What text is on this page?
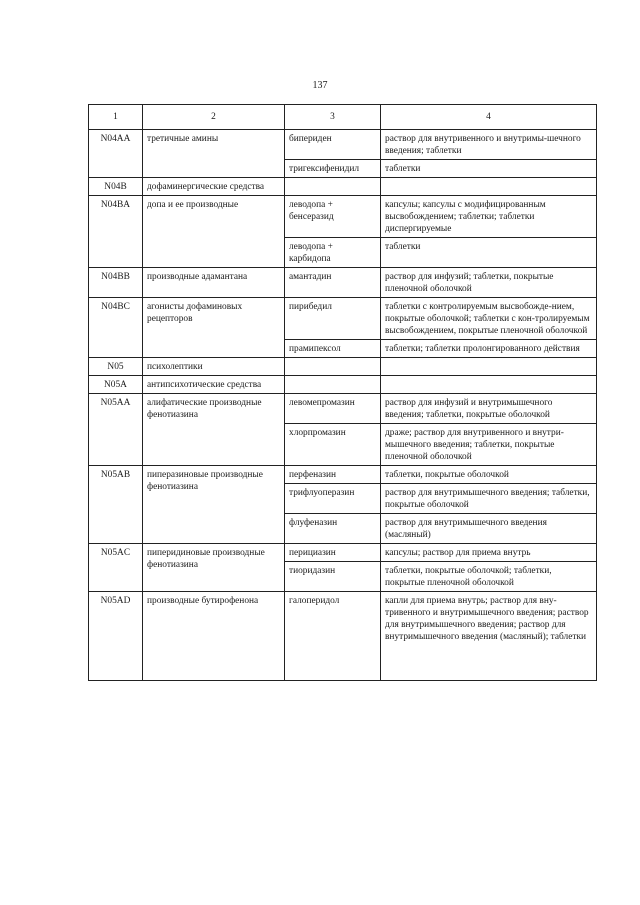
137
1	2	3	4
N04AA	третичные амины	бипериден	раствор для внутривенного и внутримы-шечного введения; таблетки
		тригексифенидил	таблетки
N04B	дофаминергические средства		
N04BA	допа и ее производные	леводопа + бенсеразид	капсулы; капсулы с модифицированным высвобождением; таблетки; таблетки диспергируемые
		леводопа + карбидопа	таблетки
N04BB	производные адамантана	амантадин	раствор для инфузий; таблетки, покрытые пленочной оболочкой
N04BC	агонисты дофаминовых рецепторов	пирибедил	таблетки с контролируемым высвобожде-нием, покрытые оболочкой; таблетки с кон-тролируемым высвобождением, покрытые пленочной оболочкой
		прамипексол	таблетки; таблетки пролонгированного действия
N05	психолептики		
N05A	антипсихотические средства		
N05AA	алифатические производные фенотиазина	левомепромазин	раствор для инфузий и внутримышечного введения; таблетки, покрытые оболочкой
		хлорпромазин	драже; раствор для внутривенного и внутри-мышечного введения; таблетки, покрытые пленочной оболочкой
N05AB	пиперазиновые производные фенотиазина	перфеназин	таблетки, покрытые оболочкой
		трифлуоперазин	раствор для внутримышечного введения; таблетки, покрытые оболочкой
		флуфеназин	раствор для внутримышечного введения (масляный)
N05AC	пиперидиновые производные фенотиазина	перициазин	капсулы; раствор для приема внутрь
		тиоридазин	таблетки, покрытые оболочкой; таблетки, покрытые пленочной оболочкой
N05AD	производные бутирофенона	галоперидол	капли для приема внутрь; раствор для вну-тривенного и внутримышечного введения; раствор для внутримышечного введения; раствор для внутримышечного введения (масляный); таблетки
